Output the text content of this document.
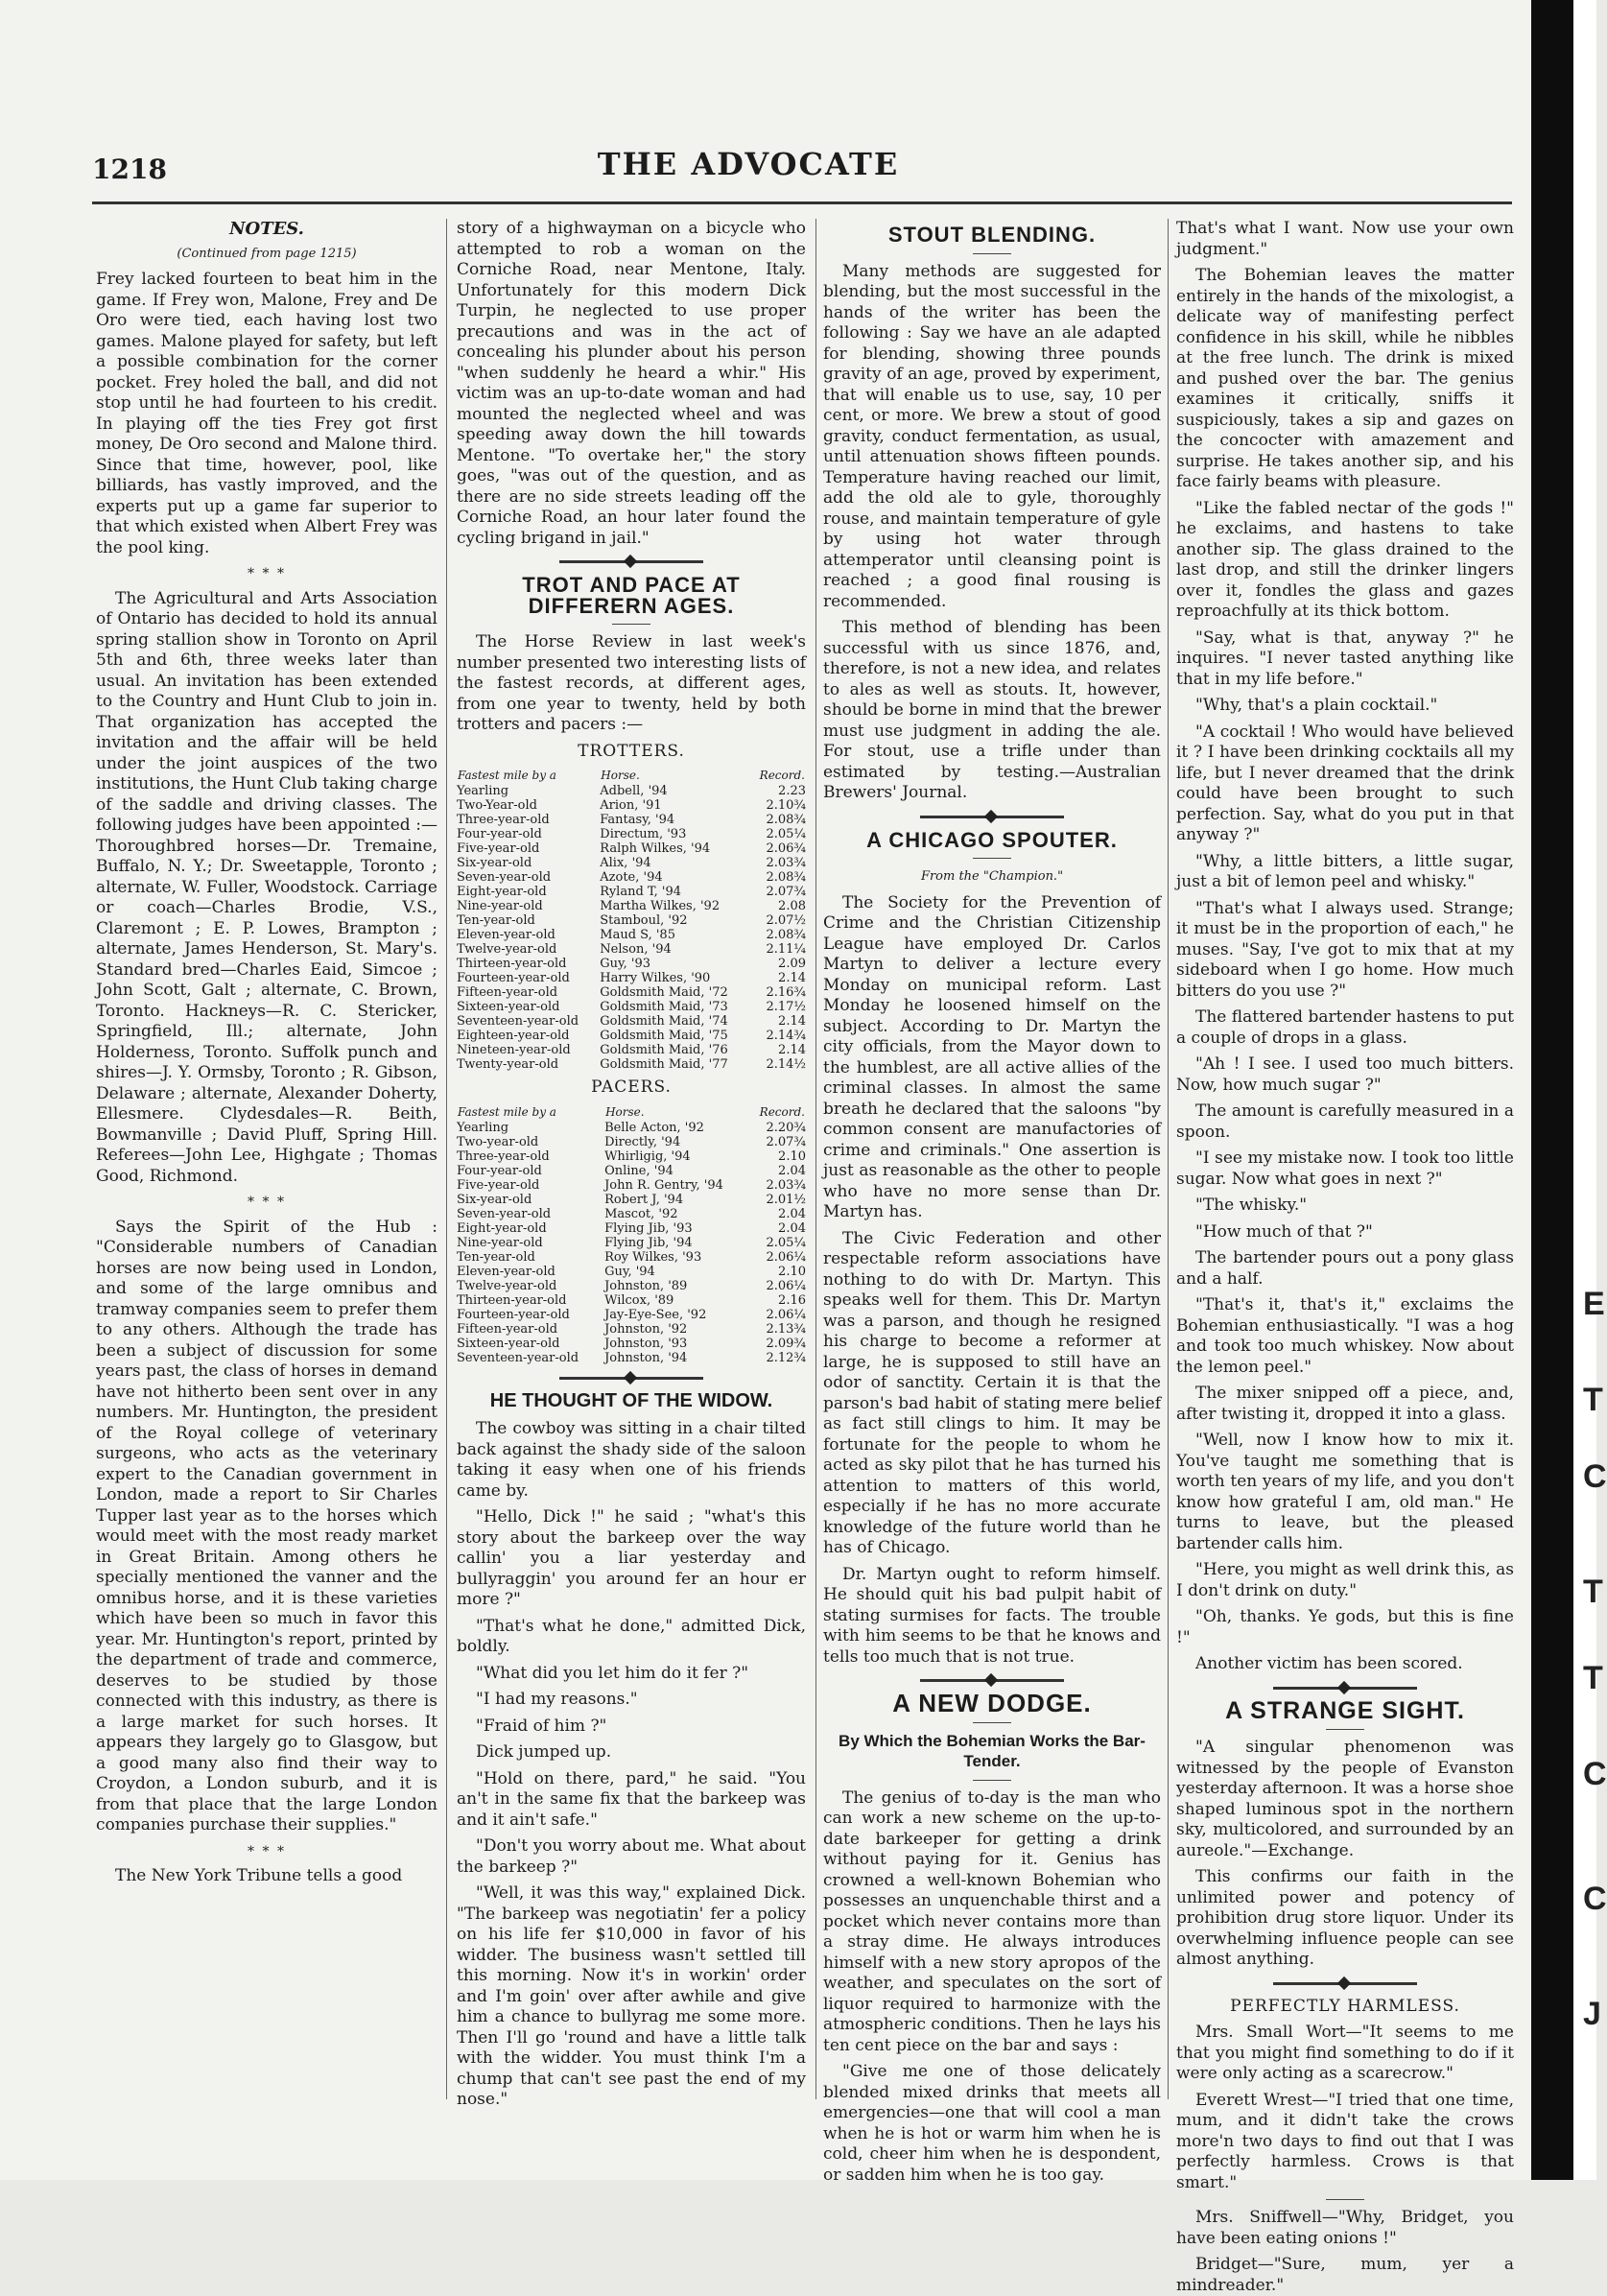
E
T
C
T
T
C
C
J
1218	THE ADVOCATE
NOTES.
(Continued from page 1215)

Frey lacked fourteen to beat him in the game. If Frey won, Malone, Frey and De Oro were tied, each having lost two games. Malone played for safety, but left a possible combination for the corner pocket. Frey holed the ball, and did not stop until he had fourteen to his credit. In playing off the ties Frey got first money, De Oro second and Malone third. Since that time, however, pool, like billiards, has vastly improved, and the experts put up a game far superior to that which existed when Albert Frey was the pool king.

* * *

The Agricultural and Arts Association of Ontario has decided to hold its annual spring stallion show in Toronto on April 5th and 6th, three weeks later than usual. An invitation has been extended to the Country and Hunt Club to join in. That organization has accepted the invitation and the affair will be held under the joint auspices of the two institutions, the Hunt Club taking charge of the saddle and driving classes. The following judges have been appointed :—Thoroughbred horses—Dr. Tremaine, Buffalo, N. Y.; Dr. Sweetapple, Toronto ; alternate, W. Fuller, Woodstock. Carriage or coach—Charles Brodie, V.S., Claremont ; E. P. Lowes, Brampton ; alternate, James Henderson, St. Mary's. Standard bred—Charles Eaid, Simcoe ; John Scott, Galt ; alternate, C. Brown, Toronto. Hackneys—R. C. Stericker, Springfield, Ill.; alternate, John Holderness, Toronto. Suffolk punch and shires—J. Y. Ormsby, Toronto ; R. Gibson, Delaware ; alternate, Alexander Doherty, Ellesmere. Clydesdales—R. Beith, Bowmanville ; David Pluff, Spring Hill. Referees—John Lee, Highgate ; Thomas Good, Richmond.

* * *

Says the Spirit of the Hub : "Considerable numbers of Canadian horses are now being used in London, and some of the large omnibus and tramway companies seem to prefer them to any others. Although the trade has been a subject of discussion for some years past, the class of horses in demand have not hitherto been sent over in any numbers. Mr. Huntington, the president of the Royal college of veterinary surgeons, who acts as the veterinary expert to the Canadian government in London, made a report to Sir Charles Tupper last year as to the horses which would meet with the most ready market in Great Britain. Among others he specially mentioned the vanner and the omnibus horse, and it is these varieties which have been so much in favor this year. Mr. Huntington's report, printed by the department of trade and commerce, deserves to be studied by those connected with this industry, as there is a large market for such horses. It appears they largely go to Glasgow, but a good many also find their way to Croydon, a London suburb, and it is from that place that the large London companies purchase their supplies."

* * *

The New York Tribune tells a good

story of a highwayman on a bicycle who attempted to rob a woman on the Corniche Road, near Mentone, Italy. Unfortunately for this modern Dick Turpin, he neglected to use proper precautions and was in the act of concealing his plunder about his person "when suddenly he heard a whir." His victim was an up-to-date woman and had mounted the neglected wheel and was speeding away down the hill towards Mentone. "To overtake her," the story goes, "was out of the question, and as there are no side streets leading off the Corniche Road, an hour later found the cycling brigand in jail."

TROT AND PACE AT DIFFERERN AGES.

The Horse Review in last week's number presented two interesting lists of the fastest records, at different ages, from one year to twenty, held by both trotters and pacers :—

TROTTERS.
Fastest mile by a	Horse.	Record.
Yearling	Adbell, '94	2.23
Two-Year-old	Arion, '91	2.10¾
Three-year-old	Fantasy, '94	2.08¾
Four-year-old	Directum, '93	2.05¼
Five-year-old	Ralph Wilkes, '94	2.06¾
Six-year-old	Alix, '94	2.03¾
Seven-year-old	Azote, '94	2.08¾
Eight-year-old	Ryland T, '94	2.07¾
Nine-year-old	Martha Wilkes, '92	2.08
Ten-year-old	Stamboul, '92	2.07½
Eleven-year-old	Maud S, '85	2.08¾
Twelve-year-old	Nelson, '94	2.11¼
Thirteen-year-old	Guy, '93	2.09
Fourteen-year-old	Harry Wilkes, '90	2.14
Fifteen-year-old	Goldsmith Maid, '72	2.16¾
Sixteen-year-old	Goldsmith Maid, '73	2.17½
Seventeen-year-old	Goldsmith Maid, '74	2.14
Eighteen-year-old	Goldsmith Maid, '75	2.14¾
Nineteen-year-old	Goldsmith Maid, '76	2.14
Twenty-year-old	Goldsmith Maid, '77	2.14½
PACERS.
Fastest mile by a	Horse.	Record.
Yearling	Belle Acton, '92	2.20¾
Two-year-old	Directly, '94	2.07¾
Three-year-old	Whirligig, '94	2.10
Four-year-old	Online, '94	2.04
Five-year-old	John R. Gentry, '94	2.03¾
Six-year-old	Robert J, '94	2.01½
Seven-year-old	Mascot, '92	2.04
Eight-year-old	Flying Jib, '93	2.04
Nine-year-old	Flying Jib, '94	2.05¼
Ten-year-old	Roy Wilkes, '93	2.06¼
Eleven-year-old	Guy, '94	2.10
Twelve-year-old	Johnston, '89	2.06¼
Thirteen-year-old	Wilcox, '89	2.16
Fourteen-year-old	Jay-Eye-See, '92	2.06¼
Fifteen-year-old	Johnston, '92	2.13¾
Sixteen-year-old	Johnston, '93	2.09¾
Seventeen-year-old	Johnston, '94	2.12¾
HE THOUGHT OF THE WIDOW.

The cowboy was sitting in a chair tilted back against the shady side of the saloon taking it easy when one of his friends came by.

"Hello, Dick !" he said ; "what's this story about the barkeep over the way callin' you a liar yesterday and bullyraggin' you around fer an hour er more ?"

"That's what he done," admitted Dick, boldly.

"What did you let him do it fer ?"

"I had my reasons."

"Fraid of him ?"

Dick jumped up.

"Hold on there, pard," he said. "You an't in the same fix that the barkeep was and it ain't safe."

"Don't you worry about me. What about the barkeep ?"

"Well, it was this way," explained Dick. "The barkeep was negotiatin' fer a policy on his life fer $10,000 in favor of his widder. The business wasn't settled till this morning. Now it's in workin' order and I'm goin' over after awhile and give him a chance to bullyrag me some more. Then I'll go 'round and have a little talk with the widder. You must think I'm a chump that can't see past the end of my nose."

STOUT BLENDING.

Many methods are suggested for blending, but the most successful in the hands of the writer has been the following : Say we have an ale adapted for blending, showing three pounds gravity of an age, proved by experiment, that will enable us to use, say, 10 per cent, or more. We brew a stout of good gravity, conduct fermentation, as usual, until attenuation shows fifteen pounds. Temperature having reached our limit, add the old ale to gyle, thoroughly rouse, and maintain temperature of gyle by using hot water through attemperator until cleansing point is reached ; a good final rousing is recommended.

This method of blending has been successful with us since 1876, and, therefore, is not a new idea, and relates to ales as well as stouts. It, however, should be borne in mind that the brewer must use judgment in adding the ale. For stout, use a trifle under than estimated by testing.—Australian Brewers' Journal.

A CHICAGO SPOUTER.
From the "Champion."

The Society for the Prevention of Crime and the Christian Citizenship League have employed Dr. Carlos Martyn to deliver a lecture every Monday on municipal reform. Last Monday he loosened himself on the subject. According to Dr. Martyn the city officials, from the Mayor down to the humblest, are all active allies of the criminal classes. In almost the same breath he declared that the saloons "by common consent are manufactories of crime and criminals." One assertion is just as reasonable as the other to people who have no more sense than Dr. Martyn has.

The Civic Federation and other respectable reform associations have nothing to do with Dr. Martyn. This speaks well for them. This Dr. Martyn was a parson, and though he resigned his charge to become a reformer at large, he is supposed to still have an odor of sanctity. Certain it is that the parson's bad habit of stating mere belief as fact still clings to him. It may be fortunate for the people to whom he acted as sky pilot that he has turned his attention to matters of this world, especially if he has no more accurate knowledge of the future world than he has of Chicago.

Dr. Martyn ought to reform himself. He should quit his bad pulpit habit of stating surmises for facts. The trouble with him seems to be that he knows and tells too much that is not true.

A NEW DODGE.
By Which the Bohemian Works the Bar-Tender.

The genius of to-day is the man who can work a new scheme on the up-to-date barkeeper for getting a drink without paying for it. Genius has crowned a well-known Bohemian who possesses an unquenchable thirst and a pocket which never contains more than a stray dime. He always introduces himself with a new story apropos of the weather, and speculates on the sort of liquor required to harmonize with the atmospheric conditions. Then he lays his ten cent piece on the bar and says :

"Give me one of those delicately blended mixed drinks that meets all emergencies—one that will cool a man when he is hot or warm him when he is cold, cheer him when he is despondent, or sadden him when he is too gay.

That's what I want. Now use your own judgment."

The Bohemian leaves the matter entirely in the hands of the mixologist, a delicate way of manifesting perfect confidence in his skill, while he nibbles at the free lunch. The drink is mixed and pushed over the bar. The genius examines it critically, sniffs it suspiciously, takes a sip and gazes on the concocter with amazement and surprise. He takes another sip, and his face fairly beams with pleasure.

"Like the fabled nectar of the gods !" he exclaims, and hastens to take another sip. The glass drained to the last drop, and still the drinker lingers over it, fondles the glass and gazes reproachfully at its thick bottom.

"Say, what is that, anyway ?" he inquires. "I never tasted anything like that in my life before."

"Why, that's a plain cocktail."

"A cocktail ! Who would have believed it ? I have been drinking cocktails all my life, but I never dreamed that the drink could have been brought to such perfection. Say, what do you put in that anyway ?"

"Why, a little bitters, a little sugar, just a bit of lemon peel and whisky."

"That's what I always used. Strange; it must be in the proportion of each," he muses. "Say, I've got to mix that at my sideboard when I go home. How much bitters do you use ?"

The flattered bartender hastens to put a couple of drops in a glass.

"Ah ! I see. I used too much bitters. Now, how much sugar ?"

The amount is carefully measured in a spoon.

"I see my mistake now. I took too little sugar. Now what goes in next ?"

"The whisky."

"How much of that ?"

The bartender pours out a pony glass and a half.

"That's it, that's it," exclaims the Bohemian enthusiastically. "I was a hog and took too much whiskey. Now about the lemon peel."

The mixer snipped off a piece, and, after twisting it, dropped it into a glass.

"Well, now I know how to mix it. You've taught me something that is worth ten years of my life, and you don't know how grateful I am, old man." He turns to leave, but the pleased bartender calls him.

"Here, you might as well drink this, as I don't drink on duty."

"Oh, thanks. Ye gods, but this is fine !"

Another victim has been scored.

A STRANGE SIGHT.

"A singular phenomenon was witnessed by the people of Evanston yesterday afternoon. It was a horse shoe shaped luminous spot in the northern sky, multicolored, and surrounded by an aureole."—Exchange.

This confirms our faith in the unlimited power and potency of prohibition drug store liquor. Under its overwhelming influence people can see almost anything.

PERFECTLY HARMLESS.

Mrs. Small Wort—"It seems to me that you might find something to do if it were only acting as a scarecrow."

Everett Wrest—"I tried that one time, mum, and it didn't take the crows more'n two days to find out that I was perfectly harmless. Crows is that smart."

Mrs. Sniffwell—"Why, Bridget, you have been eating onions !"

Bridget—"Sure, mum, yer a mindreader."
